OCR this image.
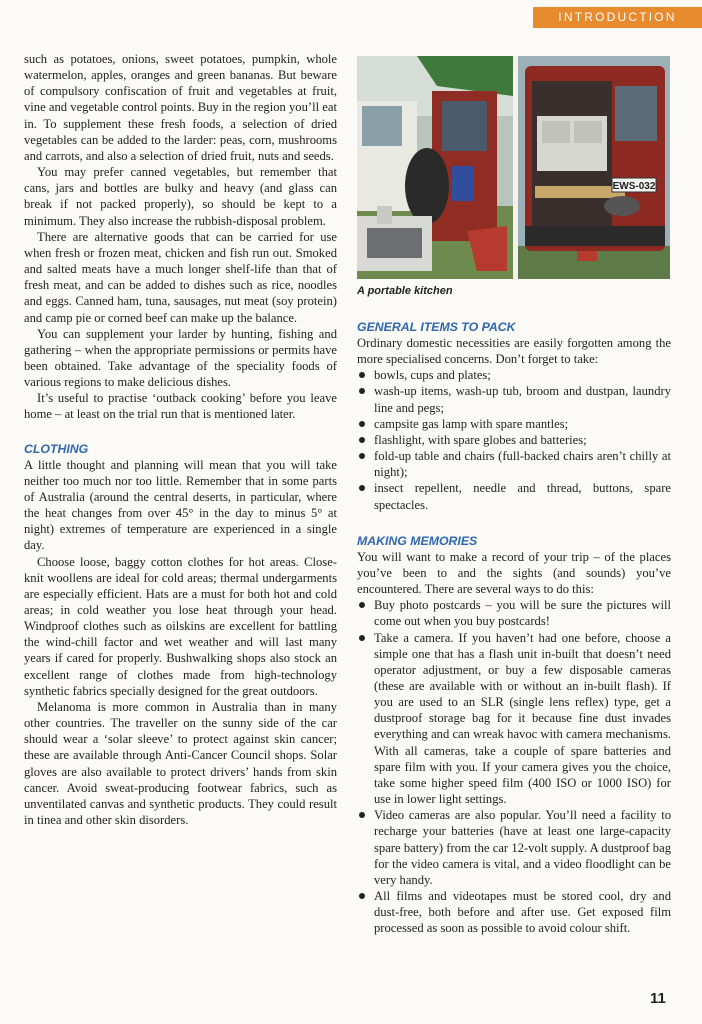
INTRODUCTION

such as potatoes, onions, sweet potatoes, pumpkin, whole watermelon, apples, oranges and green bananas. But beware of compulsory confiscation of fruit and vegetables at fruit, vine and vegetable control points. Buy in the region you’ll eat in. To supplement these fresh foods, a selection of dried vegetables can be added to the larder: peas, corn, mushrooms and carrots, and also a selection of dried fruit, nuts and seeds.

You may prefer canned vegetables, but remember that cans, jars and bottles are bulky and heavy (and glass can break if not packed properly), so should be kept to a minimum. They also increase the rubbish-disposal problem.

There are alternative goods that can be carried for use when fresh or frozen meat, chicken and fish run out. Smoked and salted meats have a much longer shelf-life than that of fresh meat, and can be added to dishes such as rice, noodles and eggs. Canned ham, tuna, sausages, nut meat (soy protein) and camp pie or corned beef can make up the balance.

You can supplement your larder by hunting, fishing and gathering – when the appropriate permissions or permits have been obtained. Take advantage of the speciality foods of various regions to make delicious dishes.

It’s useful to practise ‘outback cooking’ before you leave home – at least on the trial run that is mentioned later.

CLOTHING

A little thought and planning will mean that you will take neither too much nor too little. Remember that in some parts of Australia (around the central deserts, in particular, where the heat changes from over 45° in the day to minus 5° at night) extremes of temperature are experienced in a single day.

Choose loose, baggy cotton clothes for hot areas. Close-knit woollens are ideal for cold areas; thermal undergarments are especially efficient. Hats are a must for both hot and cold areas; in cold weather you lose heat through your head. Windproof clothes such as oilskins are excellent for battling the wind-chill factor and wet weather and will last many years if cared for properly. Bushwalking shops also stock an excellent range of clothes made from high-technology synthetic fabrics specially designed for the great outdoors.

Melanoma is more common in Australia than in many other countries. The traveller on the sunny side of the car should wear a ‘solar sleeve’ to protect against skin cancer; these are available through Anti-Cancer Council shops. Solar gloves are also available to protect drivers’ hands from skin cancer. Avoid sweat-producing footwear fabrics, such as unventilated canvas and synthetic products. They could result in tinea and other skin disorders.

EWS-032
A portable kitchen
GENERAL ITEMS TO PACK

Ordinary domestic necessities are easily forgotten among the more specialised concerns. Don’t forget to take:

bowls, cups and plates;
wash-up items, wash-up tub, broom and dustpan, laundry line and pegs;
campsite gas lamp with spare mantles;
flashlight, with spare globes and batteries;
fold-up table and chairs (full-backed chairs aren’t chilly at night);
insect repellent, needle and thread, buttons, spare spectacles.
MAKING MEMORIES

You will want to make a record of your trip – of the places you’ve been to and the sights (and sounds) you’ve encountered. There are several ways to do this:

Buy photo postcards – you will be sure the pictures will come out when you buy postcards!
Take a camera. If you haven’t had one before, choose a simple one that has a flash unit in-built that doesn’t need operator adjustment, or buy a few disposable cameras (these are available with or without an in-built flash). If you are used to an SLR (single lens reflex) type, get a dustproof storage bag for it because fine dust invades everything and can wreak havoc with camera mechanisms. With all cameras, take a couple of spare batteries and spare film with you. If your camera gives you the choice, take some higher speed film (400 ISO or 1000 ISO) for use in lower light settings.
Video cameras are also popular. You’ll need a facility to recharge your batteries (have at least one large-capacity spare battery) from the car 12-volt supply. A dustproof bag for the video camera is vital, and a video floodlight can be very handy.
All films and videotapes must be stored cool, dry and dust-free, both before and after use. Get exposed film processed as soon as possible to avoid colour shift.
11
